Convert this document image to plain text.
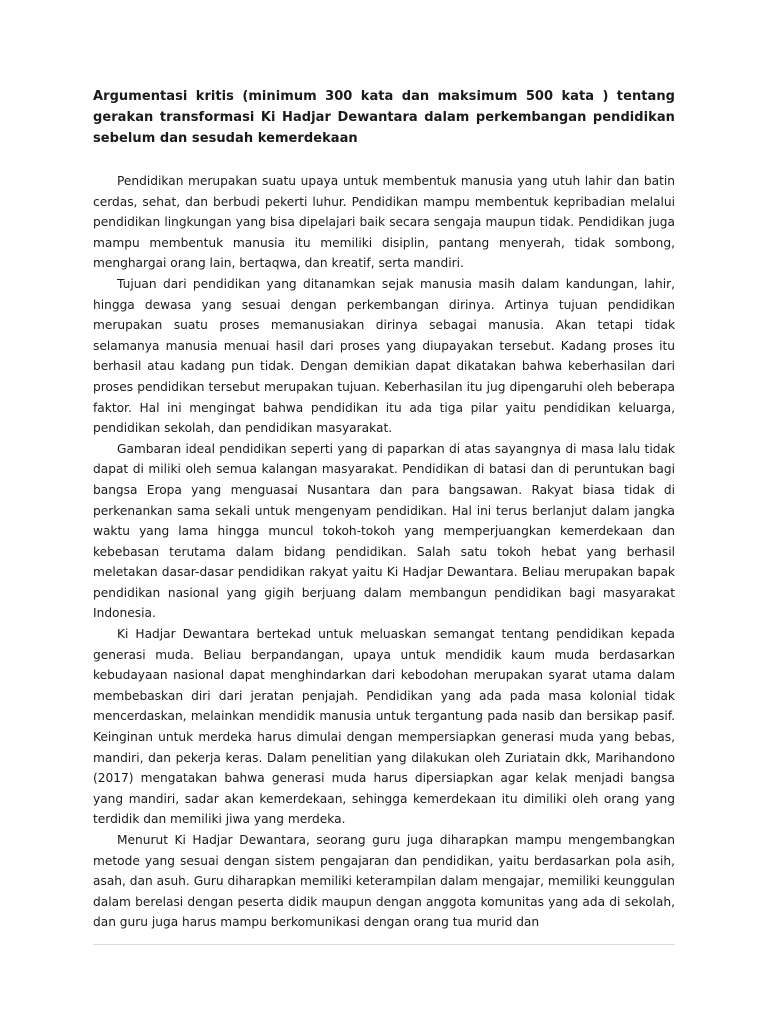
Argumentasi kritis (minimum 300 kata dan maksimum 500 kata ) tentang gerakan transformasi Ki Hadjar Dewantara dalam perkembangan pendidikan sebelum dan sesudah kemerdekaan

Pendidikan merupakan suatu upaya untuk membentuk manusia yang utuh lahir dan batin cerdas, sehat, dan berbudi pekerti luhur. Pendidikan mampu membentuk kepribadian melalui pendidikan lingkungan yang bisa dipelajari baik secara sengaja maupun tidak. Pendidikan juga mampu membentuk manusia itu memiliki disiplin, pantang menyerah, tidak sombong, menghargai orang lain, bertaqwa, dan kreatif, serta mandiri.

Tujuan dari pendidikan yang ditanamkan sejak manusia masih dalam kandungan, lahir, hingga dewasa yang sesuai dengan perkembangan dirinya. Artinya tujuan pendidikan merupakan suatu proses memanusiakan dirinya sebagai manusia. Akan tetapi tidak selamanya manusia menuai hasil dari proses yang diupayakan tersebut. Kadang proses itu berhasil atau kadang pun tidak. Dengan demikian dapat dikatakan bahwa keberhasilan dari proses pendidikan tersebut merupakan tujuan. Keberhasilan itu jug dipengaruhi oleh beberapa faktor. Hal ini mengingat bahwa pendidikan itu ada tiga pilar yaitu pendidikan keluarga, pendidikan sekolah, dan pendidikan masyarakat.

Gambaran ideal pendidikan seperti yang di paparkan di atas sayangnya di masa lalu tidak dapat di miliki oleh semua kalangan masyarakat. Pendidikan di batasi dan di peruntukan bagi bangsa Eropa yang menguasai Nusantara dan para bangsawan. Rakyat biasa tidak di perkenankan sama sekali untuk mengenyam pendidikan. Hal ini terus berlanjut dalam jangka waktu yang lama hingga muncul tokoh-tokoh yang memperjuangkan kemerdekaan dan kebebasan terutama dalam bidang pendidikan. Salah satu tokoh hebat yang berhasil meletakan dasar-dasar pendidikan rakyat yaitu Ki Hadjar Dewantara. Beliau merupakan bapak pendidikan nasional yang gigih berjuang dalam membangun pendidikan bagi masyarakat Indonesia.

Ki Hadjar Dewantara bertekad untuk meluaskan semangat tentang pendidikan kepada generasi muda. Beliau berpandangan, upaya untuk mendidik kaum muda berdasarkan kebudayaan nasional dapat menghindarkan dari kebodohan merupakan syarat utama dalam membebaskan diri dari jeratan penjajah. Pendidikan yang ada pada masa kolonial tidak mencerdaskan, melainkan mendidik manusia untuk tergantung pada nasib dan bersikap pasif. Keinginan untuk merdeka harus dimulai dengan mempersiapkan generasi muda yang bebas, mandiri, dan pekerja keras. Dalam penelitian yang dilakukan oleh Zuriatain dkk, Marihandono (2017) mengatakan bahwa generasi muda harus dipersiapkan agar kelak menjadi bangsa yang mandiri, sadar akan kemerdekaan, sehingga kemerdekaan itu dimiliki oleh orang yang terdidik dan memiliki jiwa yang merdeka.

Menurut Ki Hadjar Dewantara, seorang guru juga diharapkan mampu mengembangkan metode yang sesuai dengan sistem pengajaran dan pendidikan, yaitu berdasarkan pola asih, asah, dan asuh. Guru diharapkan memiliki keterampilan dalam mengajar, memiliki keunggulan dalam berelasi dengan peserta didik maupun dengan anggota komunitas yang ada di sekolah, dan guru juga harus mampu berkomunikasi dengan orang tua murid dan
